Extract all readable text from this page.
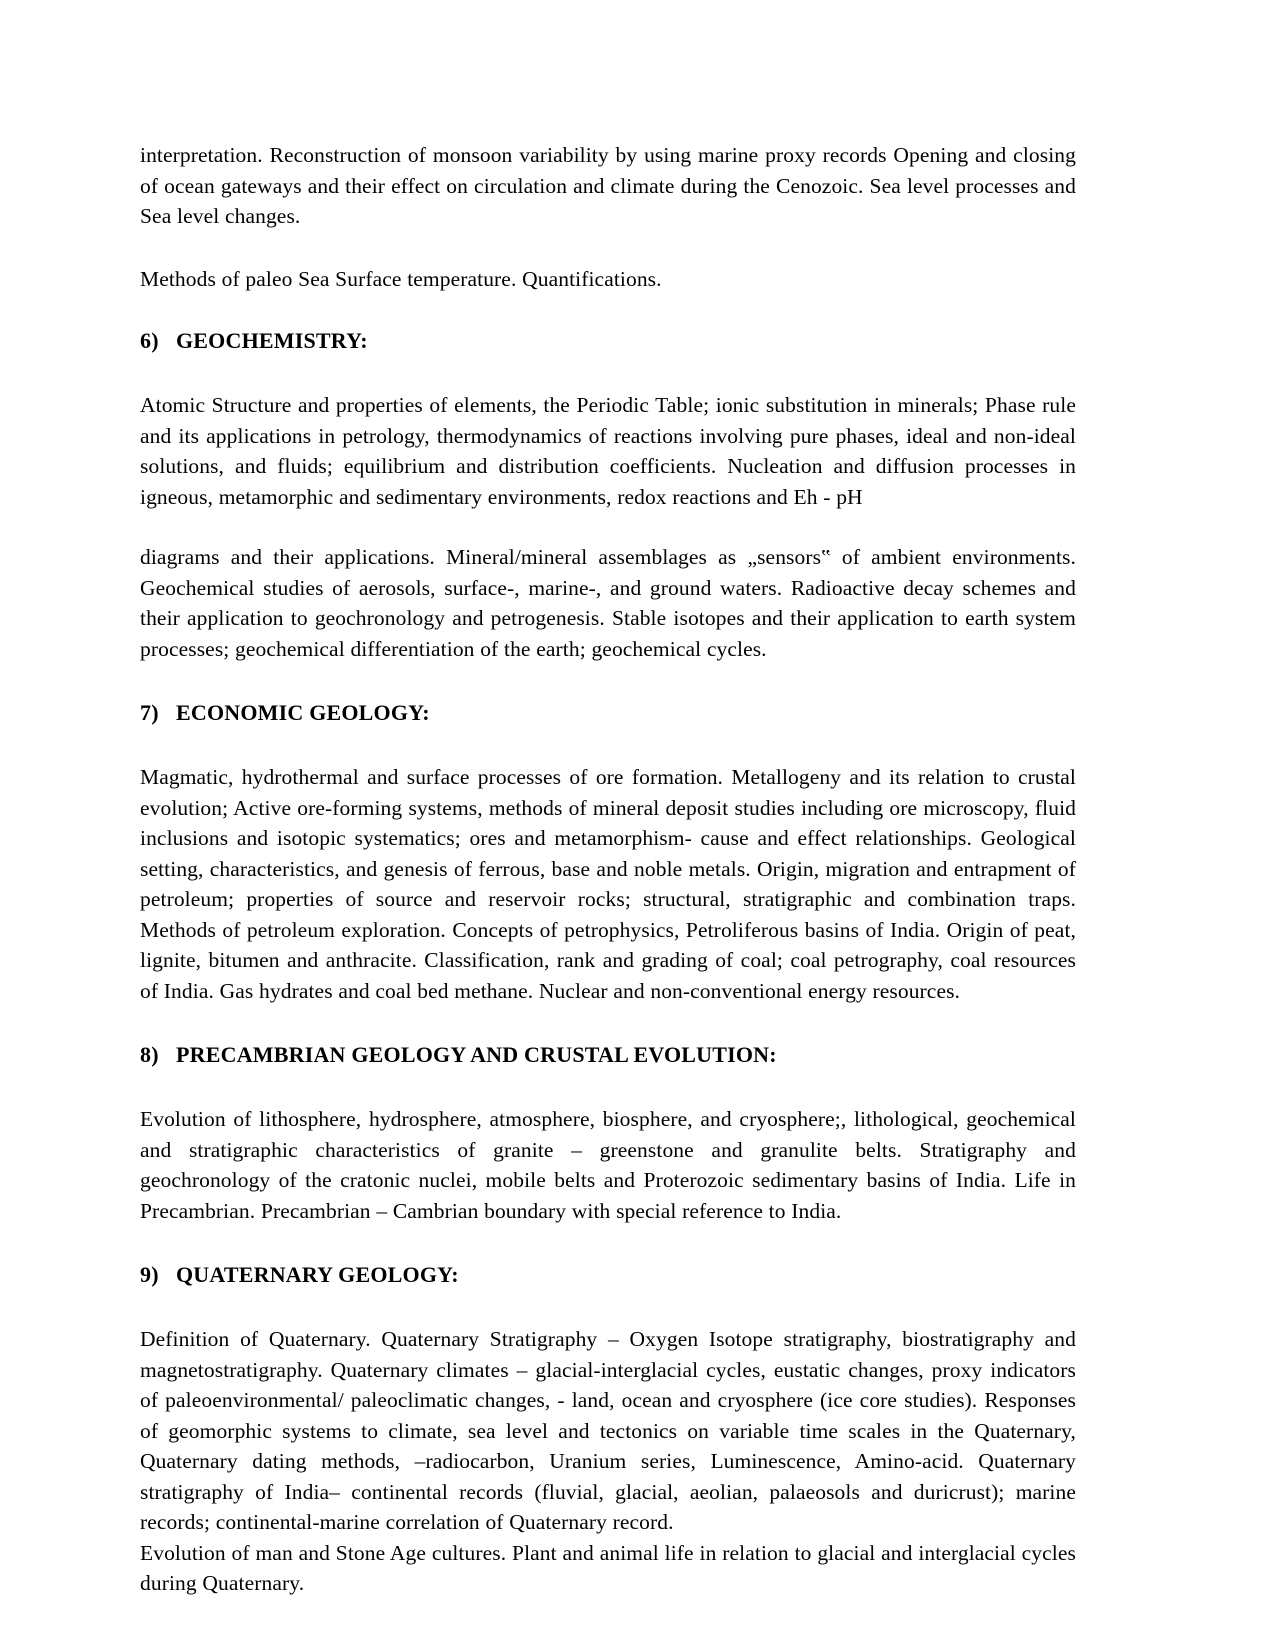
interpretation. Reconstruction of monsoon variability by using marine proxy records Opening and closing of ocean gateways and their effect on circulation and climate during the Cenozoic. Sea level processes and Sea level changes.

Methods of paleo Sea Surface temperature. Quantifications.

6) GEOCHEMISTRY:

Atomic Structure and properties of elements, the Periodic Table; ionic substitution in minerals; Phase rule and its applications in petrology, thermodynamics of reactions involving pure phases, ideal and non-ideal solutions, and fluids; equilibrium and distribution coefficients. Nucleation and diffusion processes in igneous, metamorphic and sedimentary environments, redox reactions and Eh - pH

diagrams and their applications. Mineral/mineral assemblages as „sensors‟ of ambient environments. Geochemical studies of aerosols, surface-, marine-, and ground waters. Radioactive decay schemes and their application to geochronology and petrogenesis. Stable isotopes and their application to earth system processes; geochemical differentiation of the earth; geochemical cycles.

7) ECONOMIC GEOLOGY:

Magmatic, hydrothermal and surface processes of ore formation. Metallogeny and its relation to crustal evolution; Active ore-forming systems, methods of mineral deposit studies including ore microscopy, fluid inclusions and isotopic systematics; ores and metamorphism- cause and effect relationships. Geological setting, characteristics, and genesis of ferrous, base and noble metals. Origin, migration and entrapment of petroleum; properties of source and reservoir rocks; structural, stratigraphic and combination traps. Methods of petroleum exploration. Concepts of petrophysics, Petroliferous basins of India. Origin of peat, lignite, bitumen and anthracite. Classification, rank and grading of coal; coal petrography, coal resources of India. Gas hydrates and coal bed methane. Nuclear and non-conventional energy resources.

8) PRECAMBRIAN GEOLOGY AND CRUSTAL EVOLUTION:

Evolution of lithosphere, hydrosphere, atmosphere, biosphere, and cryosphere;, lithological, geochemical and stratigraphic characteristics of granite – greenstone and granulite belts. Stratigraphy and geochronology of the cratonic nuclei, mobile belts and Proterozoic sedimentary basins of India. Life in Precambrian. Precambrian – Cambrian boundary with special reference to India.

9) QUATERNARY GEOLOGY:

Definition of Quaternary. Quaternary Stratigraphy – Oxygen Isotope stratigraphy, biostratigraphy and magnetostratigraphy. Quaternary climates – glacial-interglacial cycles, eustatic changes, proxy indicators of paleoenvironmental/ paleoclimatic changes, - land, ocean and cryosphere (ice core studies). Responses of geomorphic systems to climate, sea level and tectonics on variable time scales in the Quaternary, Quaternary dating methods, –radiocarbon, Uranium series, Luminescence, Amino-acid. Quaternary stratigraphy of India– continental records (fluvial, glacial, aeolian, palaeosols and duricrust); marine records; continental-marine correlation of Quaternary record.

Evolution of man and Stone Age cultures. Plant and animal life in relation to glacial and interglacial cycles during Quaternary.
